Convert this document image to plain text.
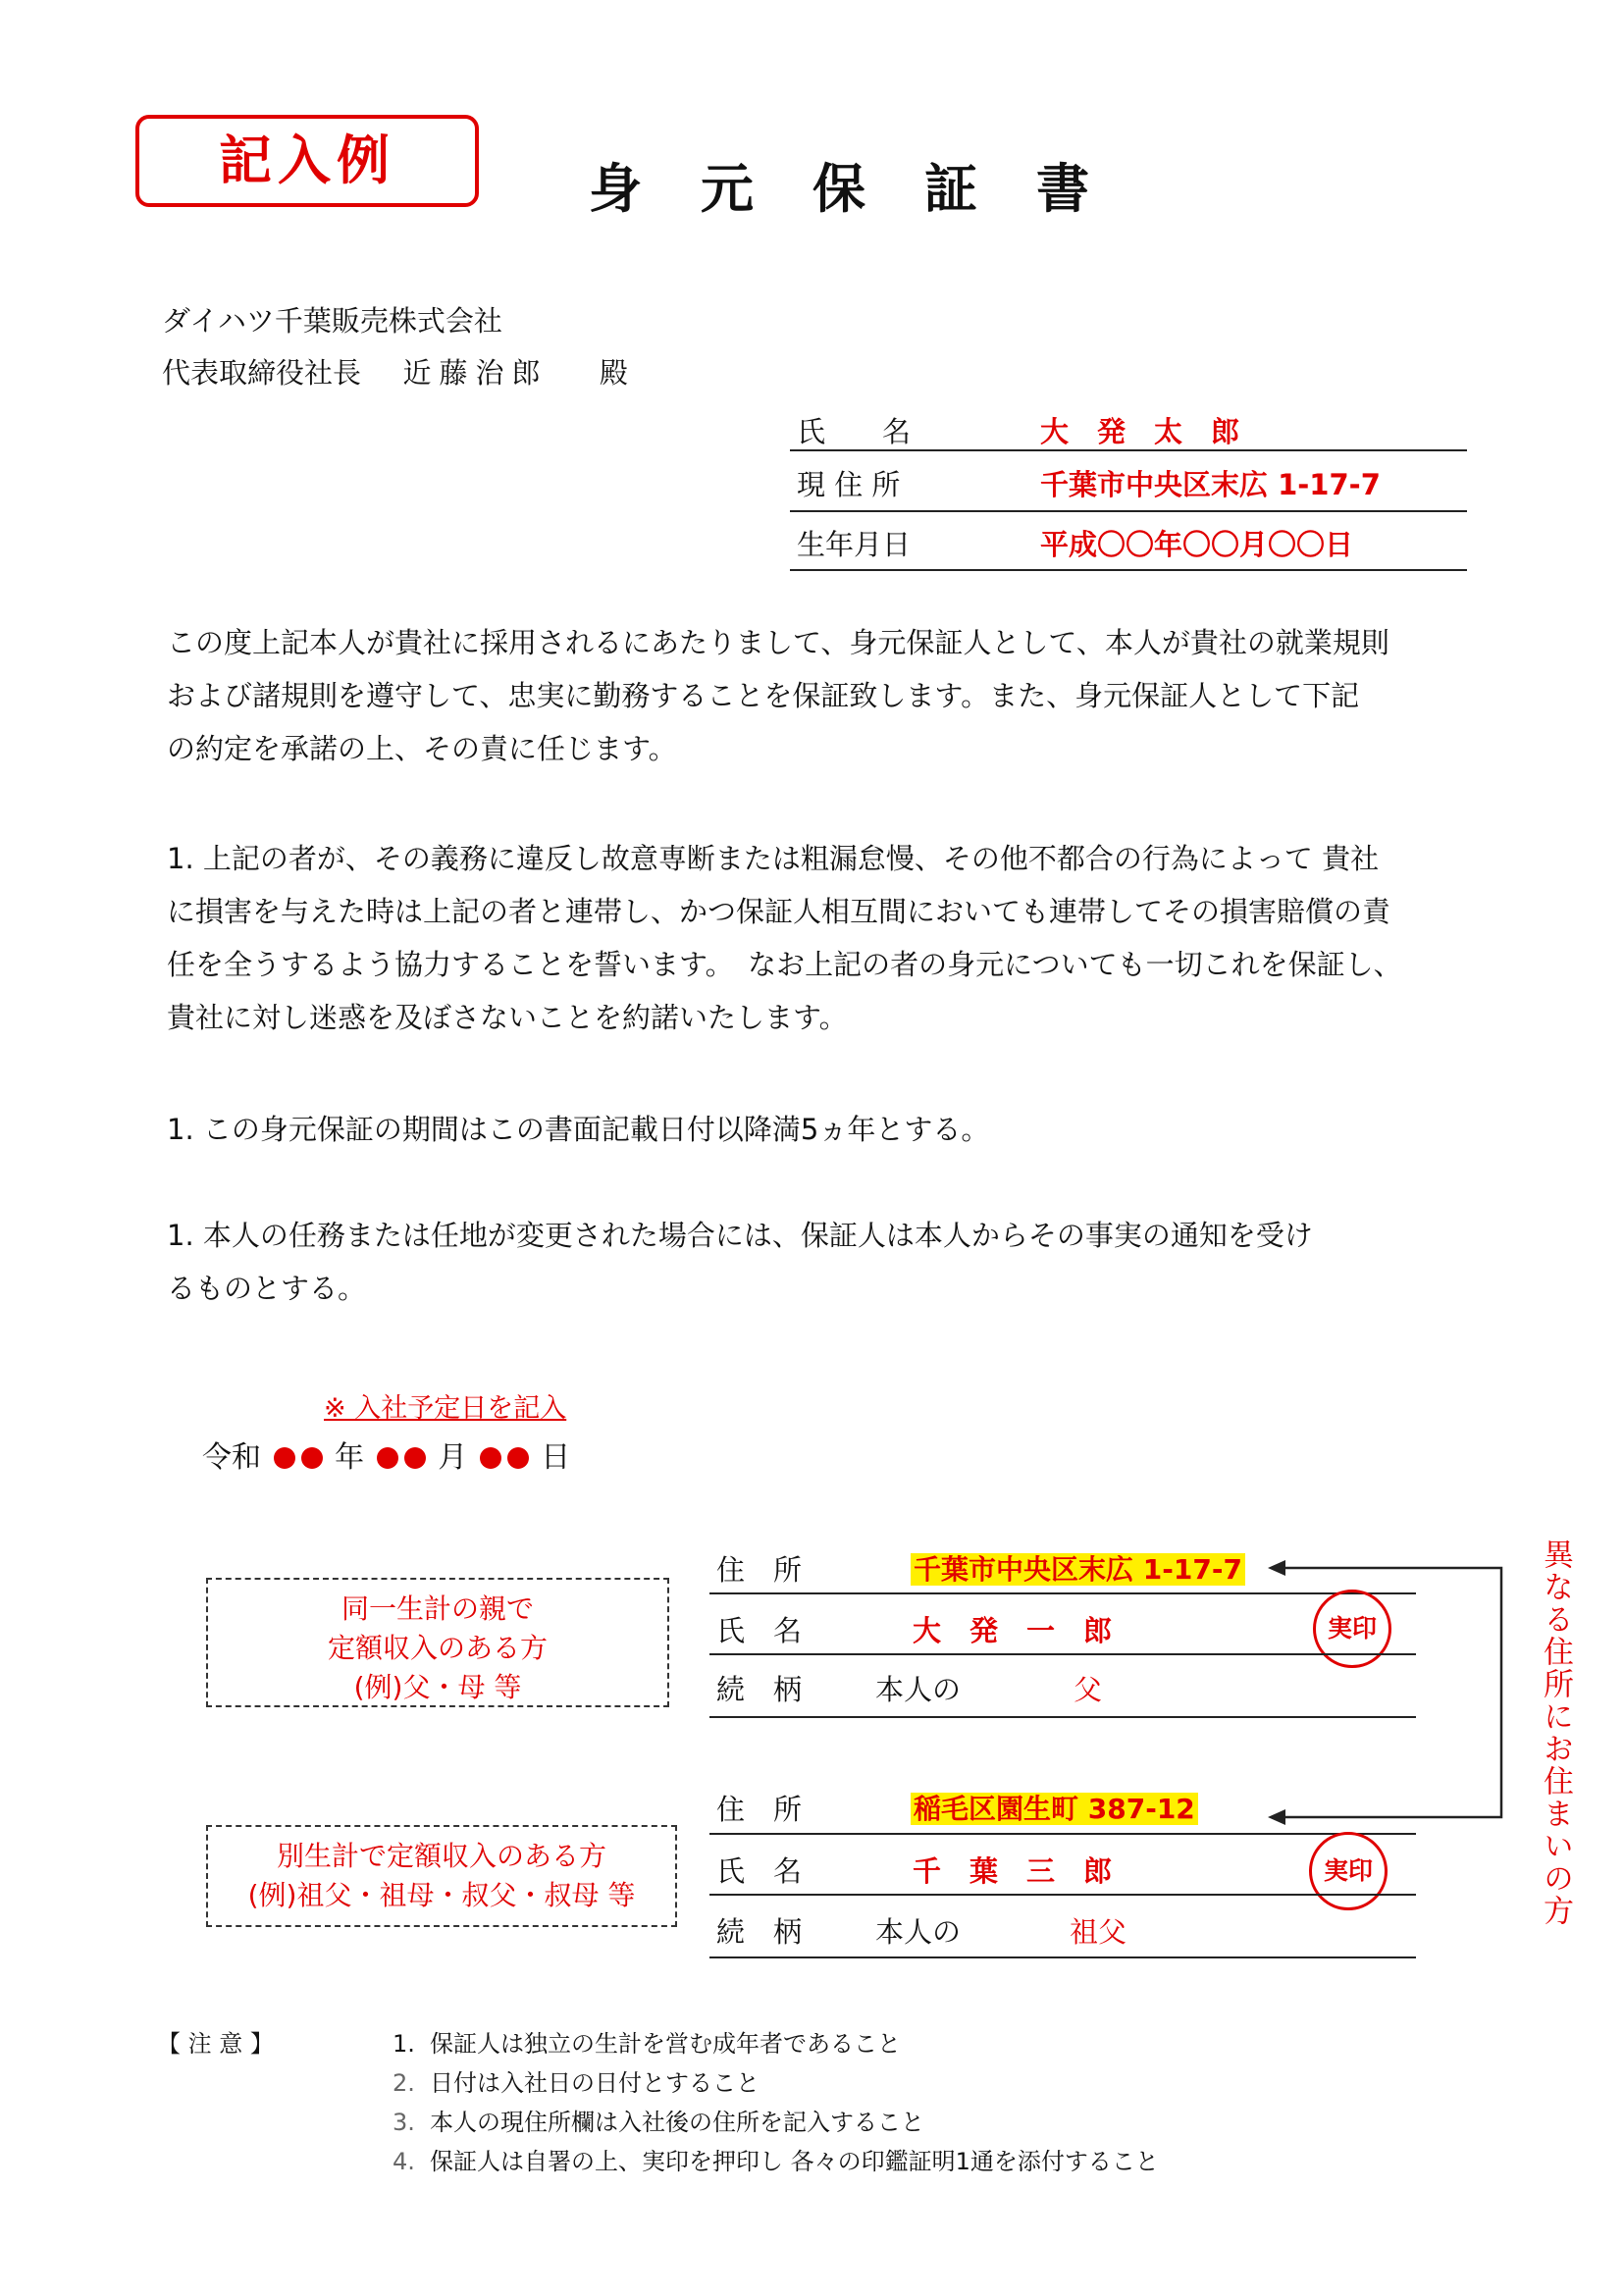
記入例	身元保証書
ダイハツ千葉販売株式会社
代表取締役社長 近藤治郎 殿
氏　　名	大　発　太　郎
現 住 所	千葉市中央区末広 1-17-7
生年月日	平成〇〇年〇〇月〇〇日

この度上記本人が貴社に採用されるにあたりまして、身元保証人として、本人が貴社の就業規則

および諸規則を遵守して、忠実に勤務することを保証致します。また、身元保証人として下記

の約定を承諾の上、その責に任じます。

1. 上記の者が、その義務に違反し故意専断または粗漏怠慢、その他不都合の行為によって 貴社

に損害を与えた時は上記の者と連帯し、かつ保証人相互間においても連帯してその損害賠償の責

任を全うするよう協力することを誓います。　なお上記の者の身元についても一切これを保証し、

貴社に対し迷惑を及ぼさないことを約諾いたします。

1. この身元保証の期間はこの書面記載日付以降満5ヵ年とする。

1. 本人の任務または任地が変更された場合には、保証人は本人からその事実の通知を受け

るものとする。

※ 入社予定日を記入
令和	年	月	日
同一生計の親で
定額収入のある方
(例)父・母 等
住　所	千葉市中央区末広 1-17-7
氏　名	大　発　一　郎	実印
続　柄	本人の	父
別生計で定額収入のある方
(例)祖父・祖母・叔父・叔母 等
住　所	稲毛区園生町 387-12
氏　名	千　葉　三　郎	実印
続　柄	本人の	祖父
異なる住所にお住まいの方
【 注 意 】	1. 保証人は独立の生計を営む成年者であること
2. 日付は入社日の日付とすること
3. 本人の現住所欄は入社後の住所を記入すること
4. 保証人は自署の上、実印を押印し 各々の印鑑証明1通を添付すること
